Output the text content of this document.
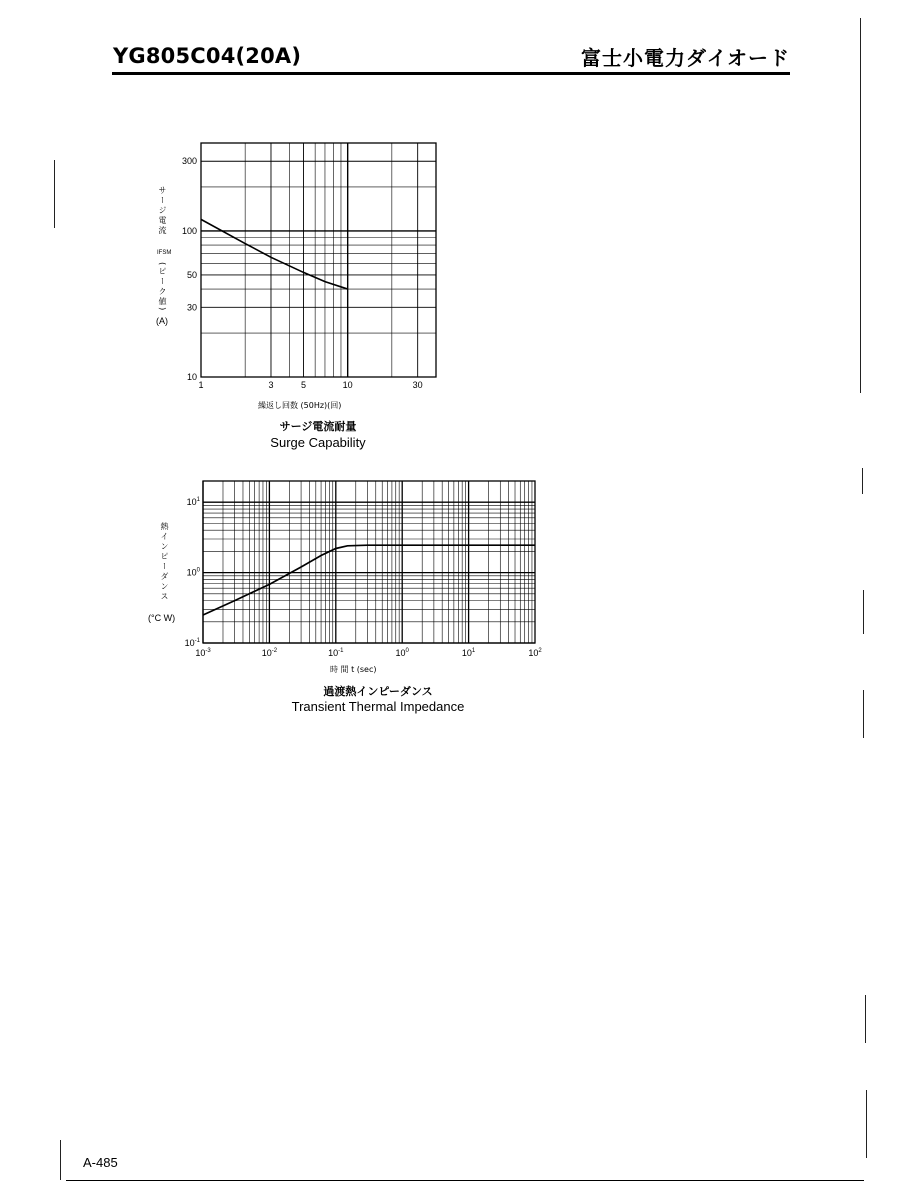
YG805C04(20A)	富士小電力ダイオード
1	3	5	10	30
10
30
50
100
300
サージ電流
IFSM
(ピーク値)
(A)
繰返し回数 (50Hz)(回)
サージ電流耐量
Surge Capability
$10^{-3}$	$10^{-2}$	$10^{-1}$	$10^0$	$10^1$	$10^2$
$10^{-1}$
$10^0$
$10^1$
熱インピーダンス
(°C W)
時 間 t (sec)
過渡熱インピーダンス
Transient Thermal Impedance
A-485
